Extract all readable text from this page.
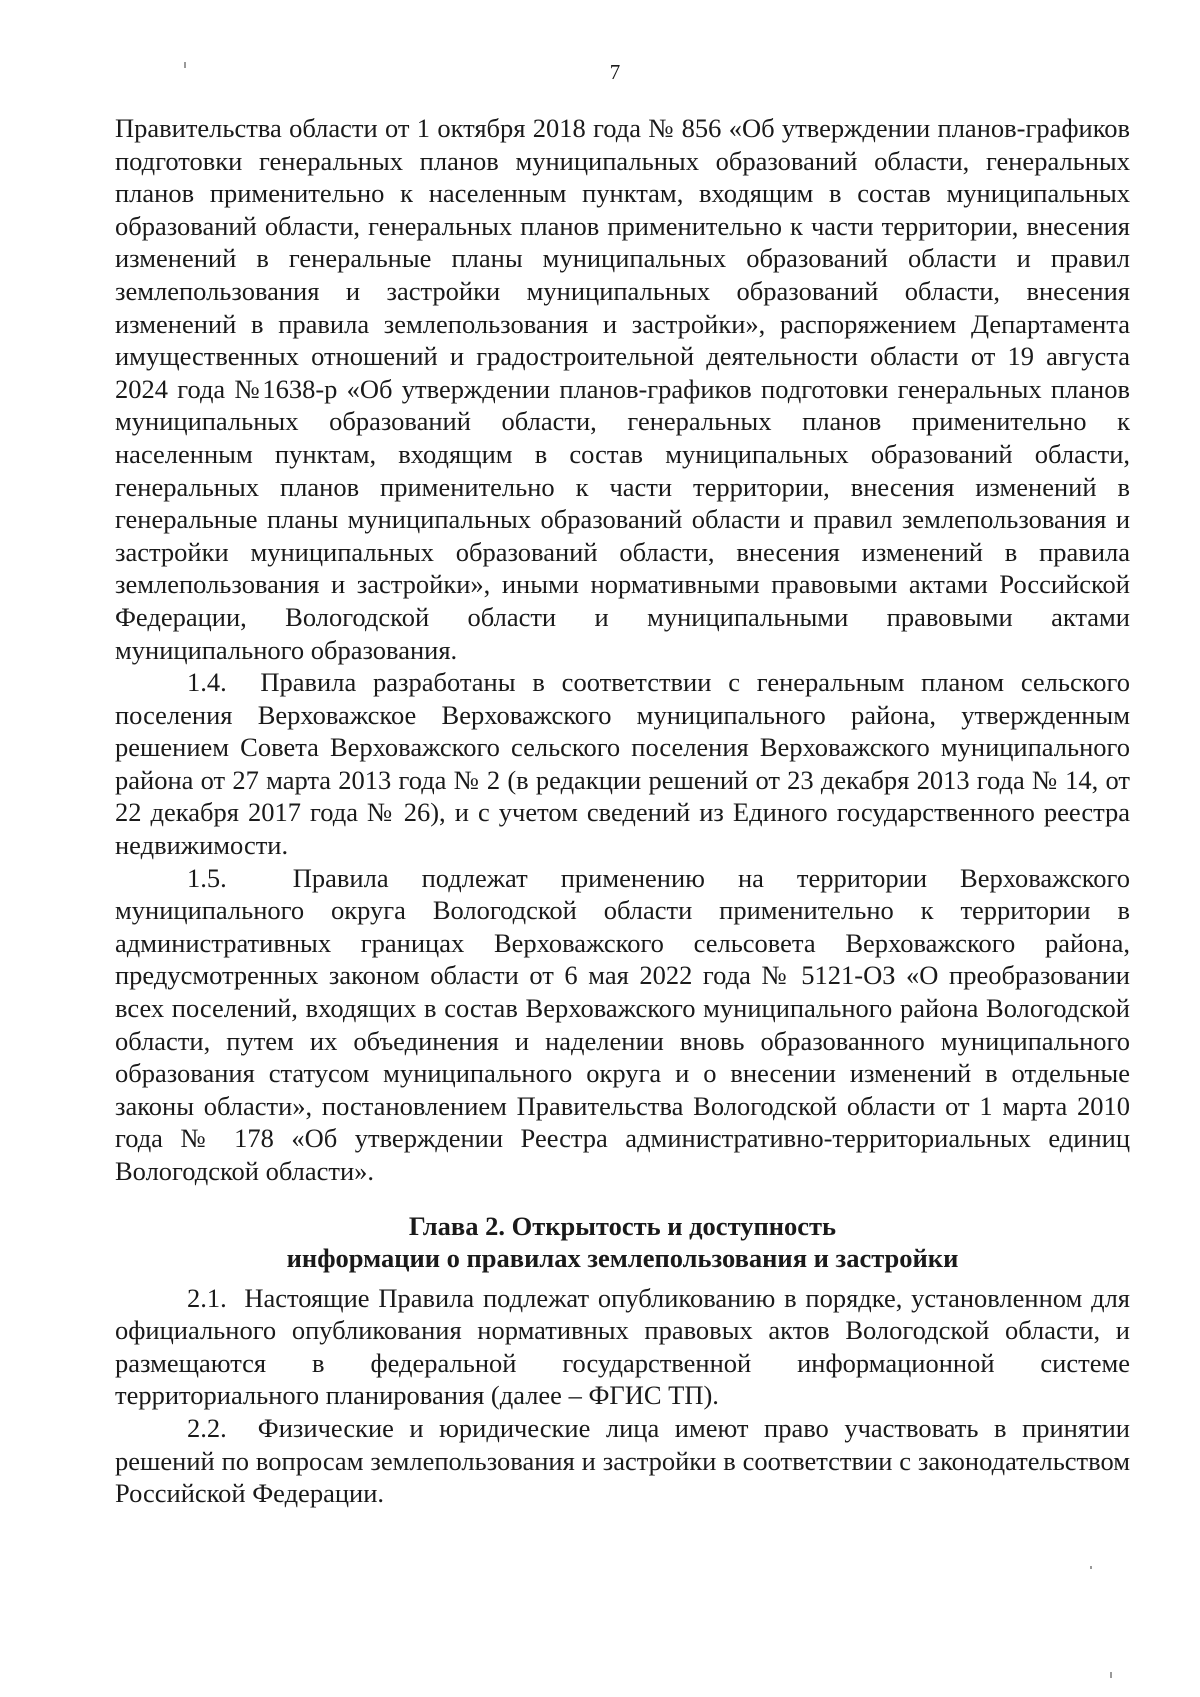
7

Правительства области от 1 октября 2018 года № 856 «Об утверждении планов-графиков подготовки генеральных планов муниципальных образований области, генеральных планов применительно к населенным пунктам, входящим в состав муниципальных образований области, генеральных планов применительно к части территории, внесения изменений в генеральные планы муниципальных образований области и правил землепользования и застройки муниципальных образований области, внесения изменений в правила землепользования и застройки», распоряжением Департамента имущественных отношений и градостроительной деятельности области от 19 августа 2024 года №1638-р «Об утверждении планов-графиков подготовки генеральных планов муниципальных образований области, генеральных планов применительно к населенным пунктам, входящим в состав муниципальных образований области, генеральных планов применительно к части территории, внесения изменений в генеральные планы муниципальных образований области и правил землепользования и застройки муниципальных образований области, внесения изменений в правила землепользования и застройки», иными нормативными правовыми актами Российской Федерации, Вологодской области и муниципальными правовыми актами муниципального образования.

1.4.  Правила разработаны в соответствии с генеральным планом сельского поселения Верховажское Верховажского муниципального района, утвержденным решением Совета Верховажского сельского поселения Верховажского муниципального района от 27 марта 2013 года № 2 (в редакции решений от 23 декабря 2013 года № 14, от 22 декабря 2017 года № 26), и с учетом сведений из Единого государственного реестра недвижимости.

1.5.  Правила подлежат применению на территории Верховажского муниципального округа Вологодской области применительно к территории в административных границах Верховажского сельсовета Верховажского района, предусмотренных законом области от 6 мая 2022 года № 5121-ОЗ «О преобразовании всех поселений, входящих в состав Верховажского муниципального района Вологодской области, путем их объединения и наделении вновь образованного муниципального образования статусом муниципального округа и о внесении изменений в отдельные законы области», постановлением Правительства Вологодской области от 1 марта 2010 года № 178 «Об утверждении Реестра административно-территориальных единиц Вологодской области».

Глава 2. Открытость и доступность
информации о правилах землепользования и застройки

2.1.  Настоящие Правила подлежат опубликованию в порядке, установленном для официального опубликования нормативных правовых актов Вологодской области, и размещаются в федеральной государственной информационной системе территориального планирования (далее – ФГИС ТП).

2.2.  Физические и юридические лица имеют право участвовать в принятии решений по вопросам землепользования и застройки в соответствии с законодательством Российской Федерации.
